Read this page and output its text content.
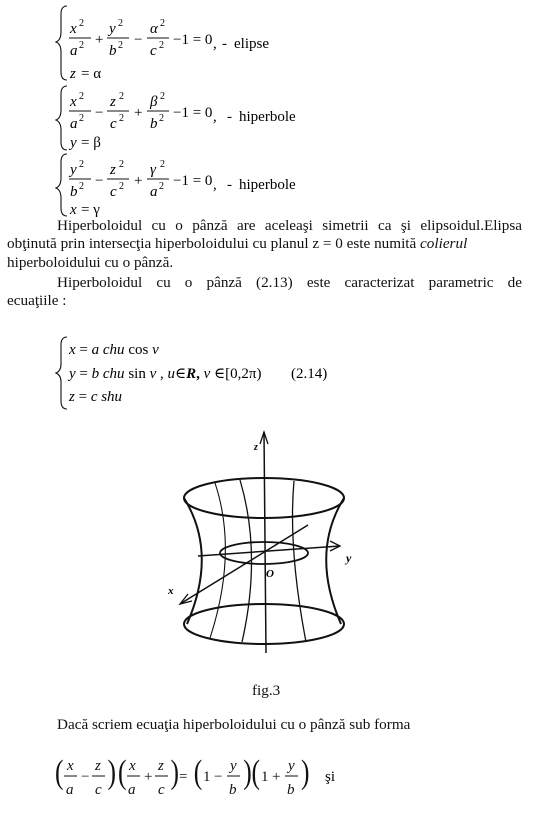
x 2
a 2 +
y 2
b 2 −
α 2
c 2 −1 = 0 ,
z = α
- elipse
x 2
a 2 −
z 2
c 2 +
β 2
b 2 −1 = 0 ,
y = β
- hiperbole
y 2
b 2 −
z 2
c 2 +
γ 2
a 2 −1 = 0 ,
x = γ
- hiperbole
Hiperboloidul cu o pânză are aceleaşi simetrii ca şi elipsoidul.Elipsa
obţinută prin intersecţia hiperboloidului cu planul z = 0 este numită colierul
hiperboloidului cu o pânză.
Hiperboloidul cu o pânză (2.13) este caracterizat parametric de
ecuaţiile :
x = a chu cos v
y = b chu sin v , u∈R, v ∈[0,2π)
z = c shu
(2.14)
z
y
x
O
fig.3
Dacă scriem ecuaţia hiperboloidului cu o pânză sub forma
( x
a
−
z
c ) ( x
a
+
z
c ) = ( 1 −
y
b ) ( 1 +
y
b ) şi
